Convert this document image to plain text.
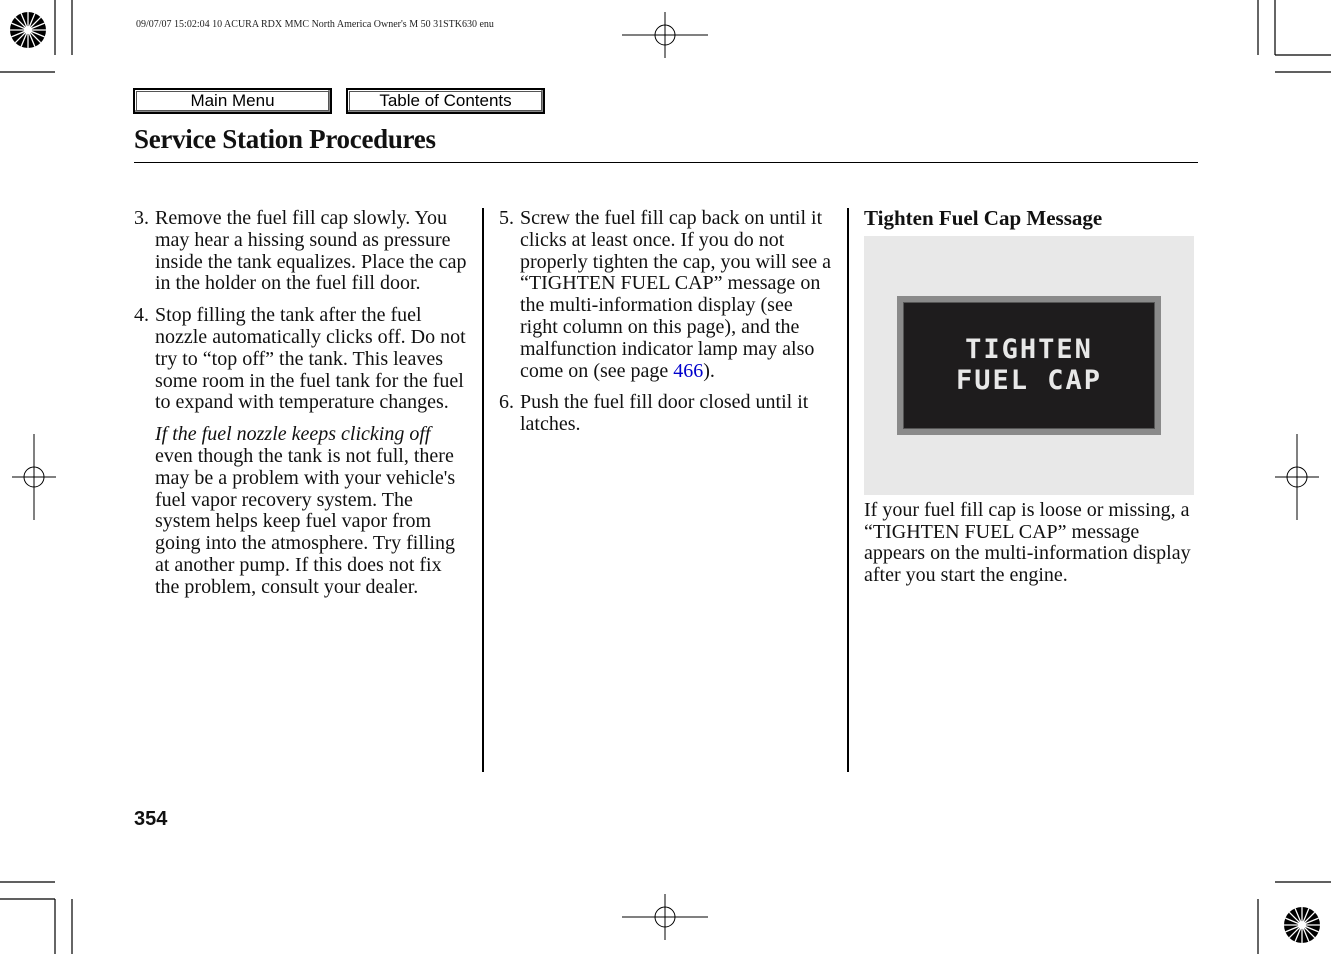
09/07/07 15:02:04 10 ACURA RDX MMC North America Owner's M 50 31STK630 enu
Main Menu	Table of Contents
Service Station Procedures
3. Remove the fuel fill cap slowly. You may hear a hissing sound as pressure inside the tank equalizes. Place the cap in the holder on the fuel fill door.
4. Stop filling the tank after the fuel nozzle automatically clicks off. Do not try to “top off” the tank. This leaves some room in the fuel tank for the fuel to expand with temperature changes.
If the fuel nozzle keeps clicking off
even though the tank is not full, there may be a problem with your vehicle's fuel vapor recovery system. The system helps keep fuel vapor from going into the atmosphere. Try filling at another pump. If this does not fix the problem, consult your dealer.
5. Screw the fuel fill cap back on until it clicks at least once. If you do not properly tighten the cap, you will see a “TIGHTEN FUEL CAP” message on the multi-information display (see right column on this page), and the malfunction indicator lamp may also come on (see page 466).
6. Push the fuel fill door closed until it latches.
Tighten Fuel Cap Message
TIGHTEN
FUEL CAP
If your fuel fill cap is loose or missing, a “TIGHTEN FUEL CAP” message appears on the multi-information display after you start the engine.
354
